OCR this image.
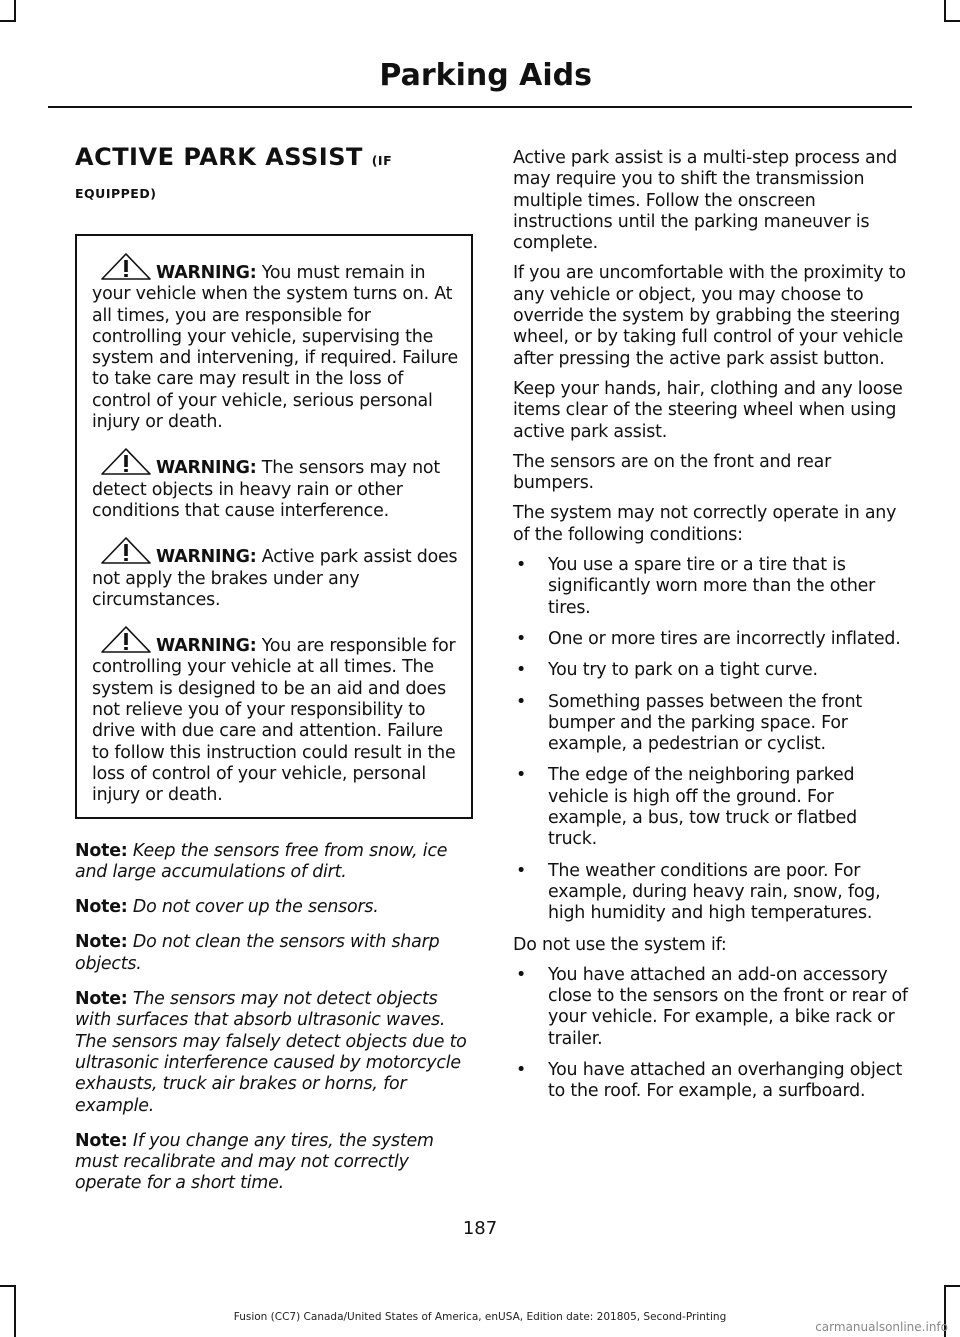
Parking Aids
ACTIVE PARK ASSIST (IF
EQUIPPED)

WARNING: You must remain in your vehicle when the system turns on. At all times, you are responsible for controlling your vehicle, supervising the system and intervening, if required. Failure to take care may result in the loss of control of your vehicle, serious personal injury or death.

WARNING: The sensors may not detect objects in heavy rain or other conditions that cause interference.

WARNING: Active park assist does not apply the brakes under any circumstances.

WARNING: You are responsible for controlling your vehicle at all times. The system is designed to be an aid and does not relieve you of your responsibility to drive with due care and attention. Failure to follow this instruction could result in the loss of control of your vehicle, personal injury or death.

Note: Keep the sensors free from snow, ice and large accumulations of dirt.

Note: Do not cover up the sensors.

Note: Do not clean the sensors with sharp objects.

Note: The sensors may not detect objects with surfaces that absorb ultrasonic waves. The sensors may falsely detect objects due to ultrasonic interference caused by motorcycle exhausts, truck air brakes or horns, for example.

Note: If you change any tires, the system must recalibrate and may not correctly operate for a short time.

Active park assist is a multi-step process and may require you to shift the transmission multiple times. Follow the onscreen instructions until the parking maneuver is complete.

If you are uncomfortable with the proximity to any vehicle or object, you may choose to override the system by grabbing the steering wheel, or by taking full control of your vehicle after pressing the active park assist button.

Keep your hands, hair, clothing and any loose items clear of the steering wheel when using active park assist.

The sensors are on the front and rear bumpers.

The system may not correctly operate in any of the following conditions:

• You use a spare tire or a tire that is significantly worn more than the other tires.
• One or more tires are incorrectly inflated.
• You try to park on a tight curve.
• Something passes between the front bumper and the parking space. For example, a pedestrian or cyclist.
• The edge of the neighboring parked vehicle is high off the ground. For example, a bus, tow truck or flatbed truck.
• The weather conditions are poor. For example, during heavy rain, snow, fog, high humidity and high temperatures.

Do not use the system if:

• You have attached an add-on accessory close to the sensors on the front or rear of your vehicle. For example, a bike rack or trailer.
• You have attached an overhanging object to the roof. For example, a surfboard.
187
Fusion (CC7) Canada/United States of America, enUSA, Edition date: 201805, Second-Printing
carmanualsonline.info
